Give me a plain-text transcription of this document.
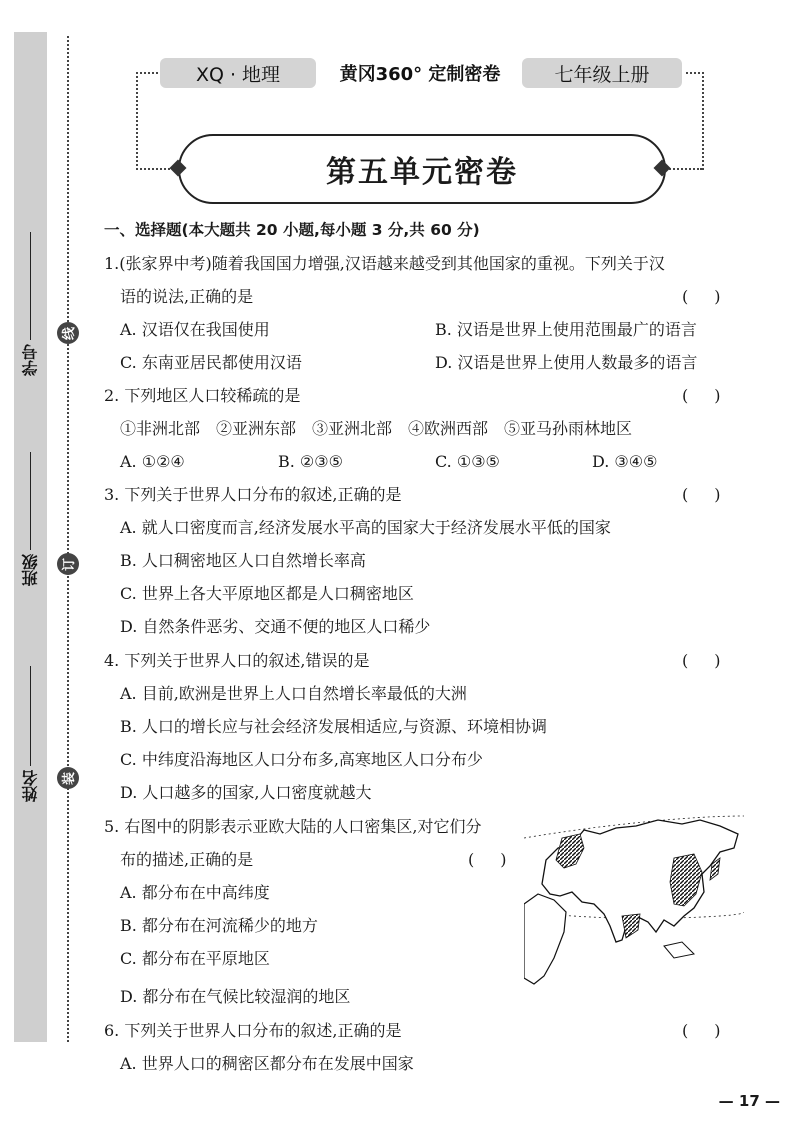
学号
班级
姓名
线
订
装
XQ · 地理	黄冈360° 定制密卷	七年级上册
第五单元密卷
一、选择题(本大题共 20 小题,每小题 3 分,共 60 分)
1.(张家界中考)随着我国国力增强,汉语越来越受到其他国家的重视。下列关于汉
语的说法,正确的是	( )
A. 汉语仅在我国使用	B. 汉语是世界上使用范围最广的语言
C. 东南亚居民都使用汉语	D. 汉语是世界上使用人数最多的语言
2. 下列地区人口较稀疏的是	( )
①非洲北部　②亚洲东部　③亚洲北部　④欧洲西部　⑤亚马孙雨林地区
A. ①②④	B. ②③⑤	C. ①③⑤	D. ③④⑤
3. 下列关于世界人口分布的叙述,正确的是	( )
A. 就人口密度而言,经济发展水平高的国家大于经济发展水平低的国家
B. 人口稠密地区人口自然增长率高
C. 世界上各大平原地区都是人口稠密地区
D. 自然条件恶劣、交通不便的地区人口稀少
4. 下列关于世界人口的叙述,错误的是	( )
A. 目前,欧洲是世界上人口自然增长率最低的大洲
B. 人口的增长应与社会经济发展相适应,与资源、环境相协调
C. 中纬度沿海地区人口分布多,高寒地区人口分布少
D. 人口越多的国家,人口密度就越大
5. 右图中的阴影表示亚欧大陆的人口密集区,对它们分
布的描述,正确的是	( )
A. 都分布在中高纬度
B. 都分布在河流稀少的地方
C. 都分布在平原地区
D. 都分布在气候比较湿润的地区
6. 下列关于世界人口分布的叙述,正确的是	( )
A. 世界人口的稠密区都分布在发展中国家
— 17 —
